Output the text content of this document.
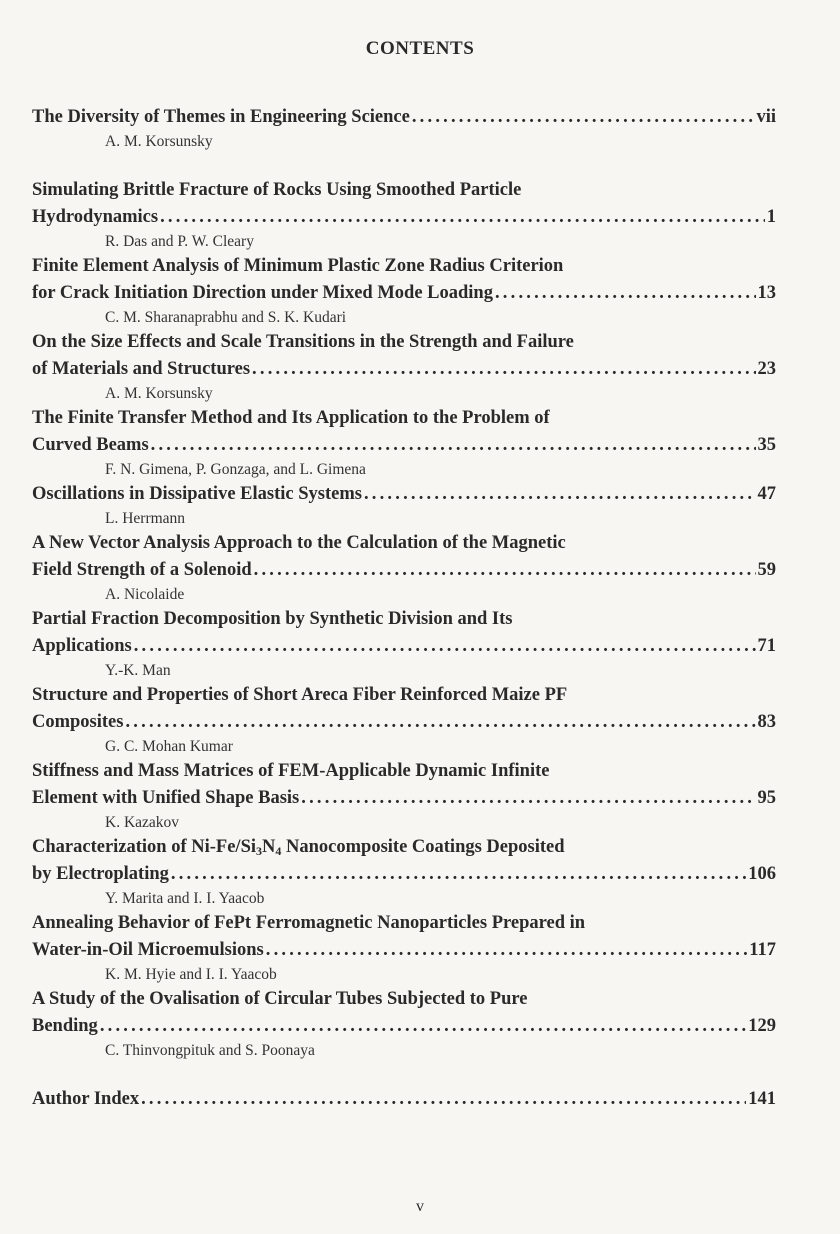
CONTENTS
The Diversity of Themes in Engineering Science .....	vii
A. M. Korsunsky
Simulating Brittle Fracture of Rocks Using Smoothed Particle
Hydrodynamics .....	1
R. Das and P. W. Cleary
Finite Element Analysis of Minimum Plastic Zone Radius Criterion
for Crack Initiation Direction under Mixed Mode Loading .....	13
C. M. Sharanaprabhu and S. K. Kudari
On the Size Effects and Scale Transitions in the Strength and Failure
of Materials and Structures .....	23
A. M. Korsunsky
The Finite Transfer Method and Its Application to the Problem of
Curved Beams .....	35
F. N. Gimena, P. Gonzaga, and L. Gimena
Oscillations in Dissipative Elastic Systems .....	47
L. Herrmann
A New Vector Analysis Approach to the Calculation of the Magnetic
Field Strength of a Solenoid .....	59
A. Nicolaide
Partial Fraction Decomposition by Synthetic Division and Its
Applications .....	71
Y.-K. Man
Structure and Properties of Short Areca Fiber Reinforced Maize PF
Composites .....	83
G. C. Mohan Kumar
Stiffness and Mass Matrices of FEM-Applicable Dynamic Infinite
Element with Unified Shape Basis .....	95
K. Kazakov
Characterization of $Ni-Fe/Si_3N_4$ Nanocomposite Coatings Deposited
by Electroplating .....	106
Y. Marita and I. I. Yaacob
Annealing Behavior of FePt Ferromagnetic Nanoparticles Prepared in
Water-in-Oil Microemulsions .....	117
K. M. Hyie and I. I. Yaacob
A Study of the Ovalisation of Circular Tubes Subjected to Pure
Bending .....	129
C. Thinvongpituk and S. Poonaya
Author Index .....	141
v
